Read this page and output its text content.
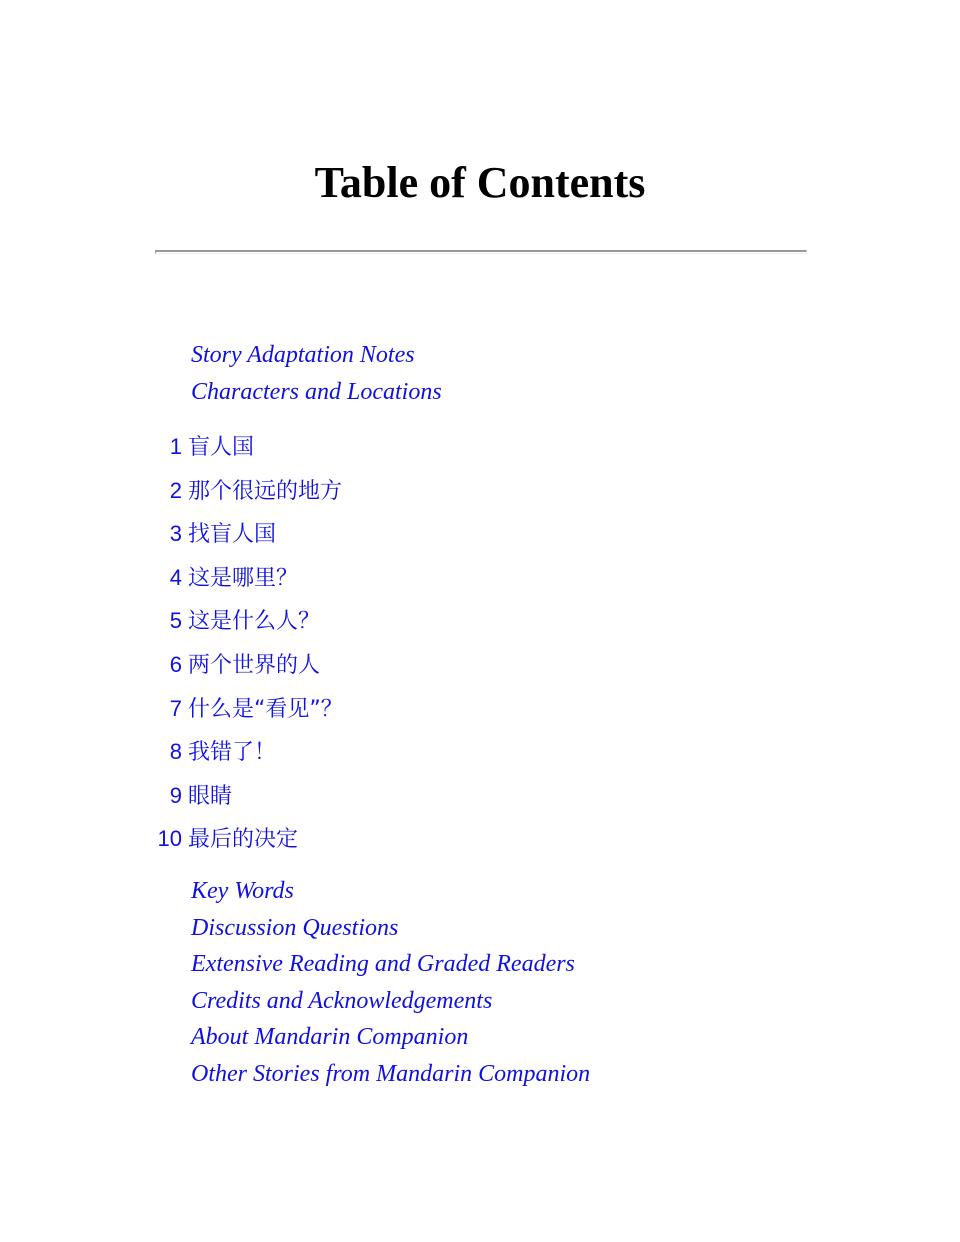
Table of Contents
Story Adaptation Notes
Characters and Locations
1 盲人国
2 那个很远的地方
3 找盲人国
4 这是哪里？
5 这是什么人？
6 两个世界的人
7 什么是“看见”？
8 我错了！
9 眼睛
10 最后的决定
Key Words
Discussion Questions
Extensive Reading and Graded Readers
Credits and Acknowledgements
About Mandarin Companion
Other Stories from Mandarin Companion
